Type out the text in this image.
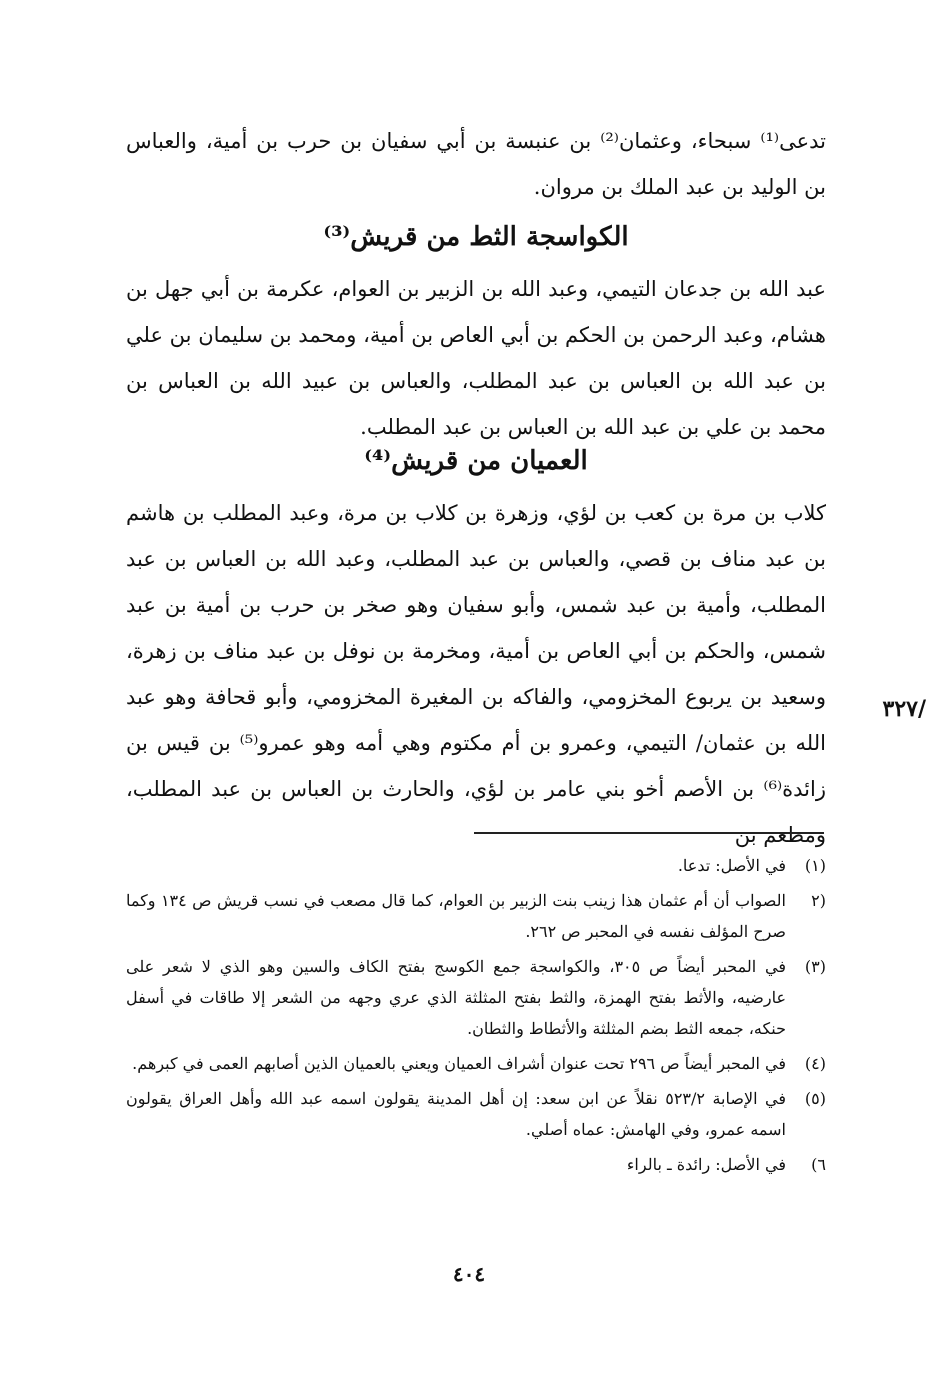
تدعى⁽¹⁾ سبحاء، وعثمان⁽²⁾ بن عنبسة بن أبي سفيان بن حرب بن أمية، والعباس بن الوليد بن عبد الملك بن مروان.
الكواسجة الثط من قريش⁽³⁾
عبد الله بن جدعان التيمي، وعبد الله بن الزبير بن العوام، عكرمة بن أبي جهل بن هشام، وعبد الرحمن بن الحكم بن أبي العاص بن أمية، ومحمد بن سليمان بن علي بن عبد الله بن العباس بن عبد المطلب، والعباس بن عبيد الله بن العباس بن محمد بن علي بن عبد الله بن العباس بن عبد المطلب.
العميان من قريش⁽⁴⁾
كلاب بن مرة بن كعب بن لؤي، وزهرة بن كلاب بن مرة، وعبد المطلب بن هاشم بن عبد مناف بن قصي، والعباس بن عبد المطلب، وعبد الله بن العباس بن عبد المطلب، وأمية بن عبد شمس، وأبو سفيان وهو صخر بن حرب بن أمية بن عبد شمس، والحكم بن أبي العاص بن أمية، ومخرمة بن نوفل بن عبد مناف بن زهرة، وسعيد بن يربوع المخزومي، والفاكه بن المغيرة المخزومي، وأبو قحافة وهو عبد الله بن عثمان/ التيمي، وعمرو بن أم مكتوم وهي أمه وهو عمرو⁽⁵⁾ بن قيس بن زائدة⁽⁶⁾ بن الأصم أخو بني عامر بن لؤي، والحارث بن العباس بن عبد المطلب، ومطعم بن
/٣٢٧
(١)
في الأصل: تدعا.
(٢
الصواب أن أم عثمان هذا زينب بنت الزبير بن العوام، كما قال مصعب في نسب قريش ص ١٣٤ وكما صرح المؤلف نفسه في المحبر ص ٢٦٢.
(٣)
في المحبر أيضاً ص ٣٠٥، والكواسجة جمع الكوسج بفتح الكاف والسين وهو الذي لا شعر على عارضيه، والأثط بفتح الهمزة، والثط بفتح المثلثة الذي عري وجهه من الشعر إلا طاقات في أسفل حنكه، جمعه الثط بضم المثلثة والأثطاط والثطان.
(٤)
في المحبر أيضاً ص ٢٩٦ تحت عنوان أشراف العميان ويعني بالعميان الذين أصابهم العمى في كبرهم.
(٥)
في الإصابة ٥٢٣/٢ نقلاً عن ابن سعد: إن أهل المدينة يقولون اسمه عبد الله وأهل العراق يقولون اسمه عمرو، وفي الهامش: عماه أصلي.
٦)
في الأصل: رائدة ـ بالراء
٤٠٤
